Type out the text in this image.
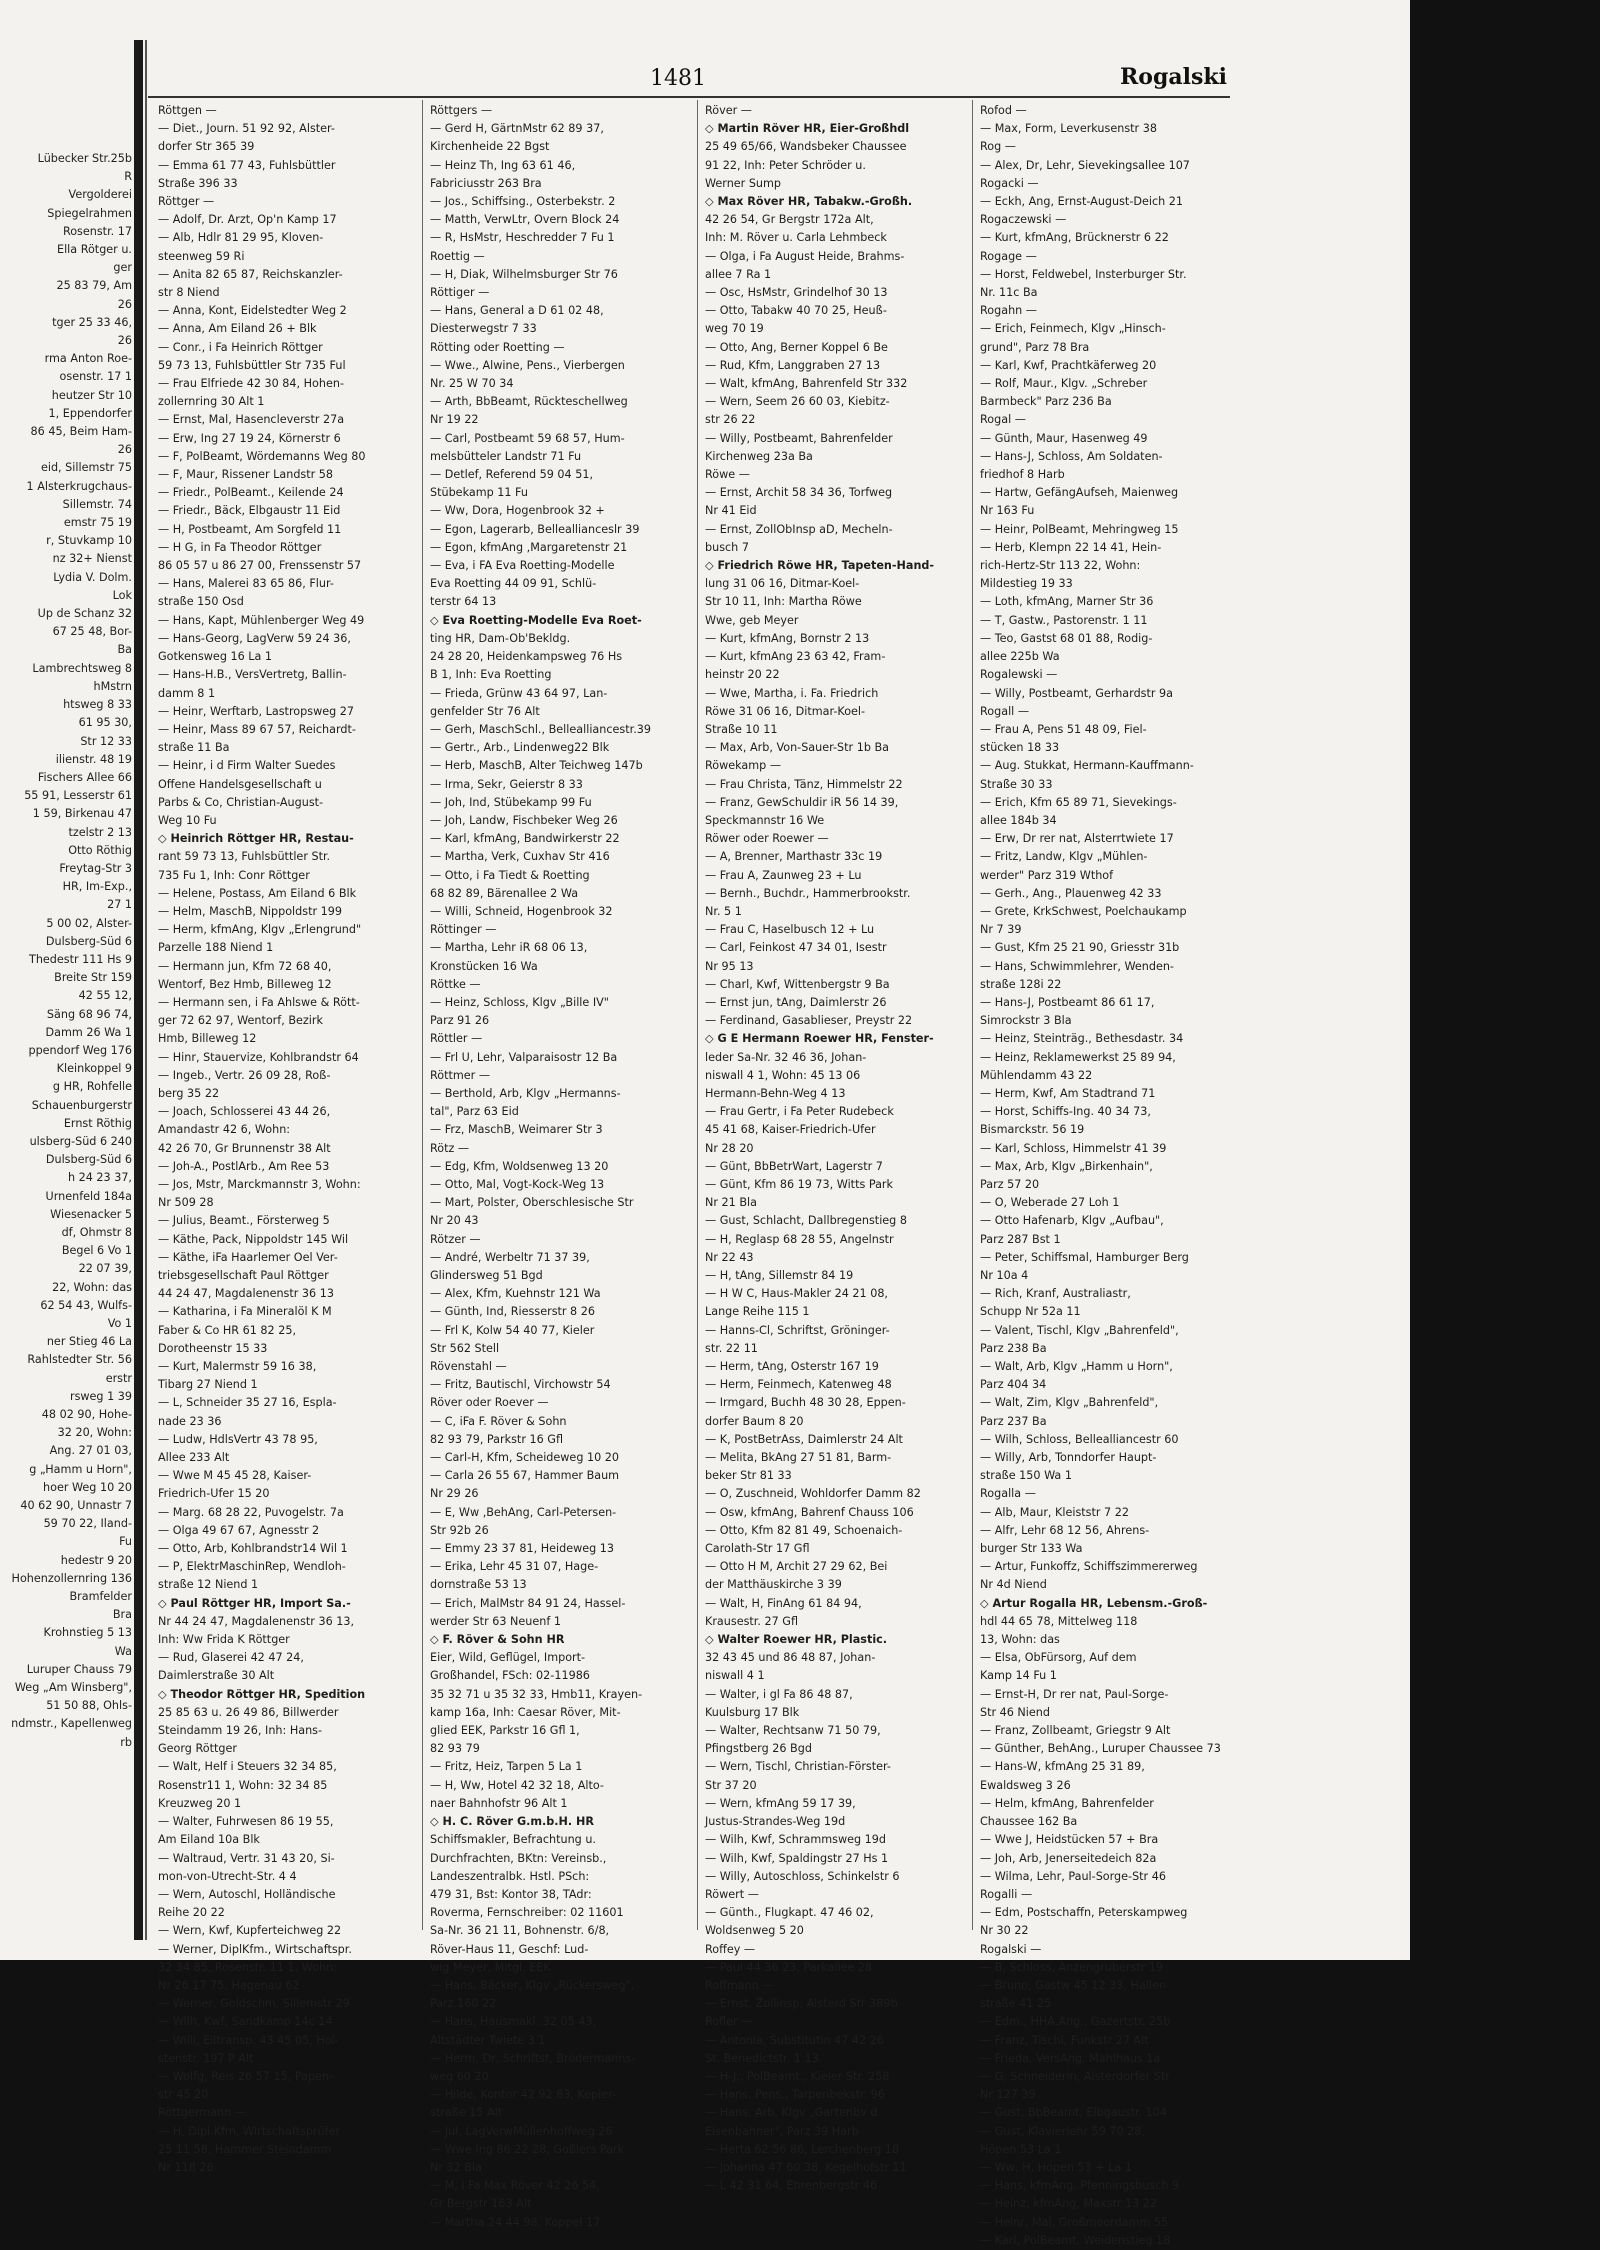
Lübecker Str.25b
R
Vergolderei
Spiegelrahmen
Rosenstr. 17
Ella Rötger u.
ger
25 83 79, Am
26
tger 25 33 46,
26
rma Anton Roe-
osenstr. 17 1
heutzer Str 10
1, Eppendorfer
86 45, Beim Ham-
26
eid, Sillemstr 75
1 Alsterkrugchaus-
Sillemstr. 74
emstr 75 19
r, Stuvkamp 10
nz 32+ Nienst
Lydia V. Dolm.
Lok
Up de Schanz 32
67 25 48, Bor-
Ba
Lambrechtsweg 8
hMstrn
htsweg 8 33
61 95 30,
Str 12 33
ilienstr. 48 19
Fischers Allee 66
55 91, Lesserstr 61
1 59, Birkenau 47
tzelstr 2 13
Otto Röthig
Freytag-Str 3
HR, Im-Exp.,
27 1
5 00 02, Alster-
Dulsberg-Süd 6
Thedestr 111 Hs 9
Breite Str 159
42 55 12,
Säng 68 96 74,
Damm 26 Wa 1
ppendorf Weg 176
Kleinkoppel 9
g HR, Rohfelle
Schauenburgerstr
Ernst Röthig
ulsberg-Süd 6 240
Dulsberg-Süd 6
h 24 23 37,
Urnenfeld 184a
Wiesenacker 5
df, Ohmstr 8
Begel 6 Vo 1
22 07 39,
22, Wohn: das
62 54 43, Wulfs-
Vo 1
ner Stieg 46 La
Rahlstedter Str. 56
erstr
rsweg 1 39
48 02 90, Hohe-
32 20, Wohn:
Ang. 27 01 03,
g „Hamm u Horn",
hoer Weg 10 20
40 62 90, Unnastr 7
59 70 22, Iland-
Fu
hedestr 9 20
Hohenzollernring 136
Bramfelder
Bra
Krohnstieg 5 13
Wa
Luruper Chauss 79
Weg „Am Winsberg",
51 50 88, Ohls-
ndmstr., Kapellenweg
rb
1481	Rogalski
Röttgen —
— Diet., Journ. 51 92 92, Alster-
dorfer Str 365 39
— Emma 61 77 43, Fuhlsbüttler
Straße 396 33
Röttger —
— Adolf, Dr. Arzt, Op'n Kamp 17
— Alb, Hdlr 81 29 95, Kloven-
steenweg 59 Ri
— Anita 82 65 87, Reichskanzler-
str 8 Niend
— Anna, Kont, Eidelstedter Weg 2
— Anna, Am Eiland 26 + Blk
— Conr., i Fa Heinrich Röttger
59 73 13, Fuhlsbüttler Str 735 Ful
— Frau Elfriede 42 30 84, Hohen-
zollernring 30 Alt 1
— Ernst, Mal, Hasencleverstr 27a
— Erw, Ing 27 19 24, Körnerstr 6
— F, PolBeamt, Wördemanns Weg 80
— F, Maur, Rissener Landstr 58
— Friedr., PolBeamt., Keilende 24
— Friedr., Bäck, Elbgaustr 11 Eid
— H, Postbeamt, Am Sorgfeld 11
— H G, in Fa Theodor Röttger
86 05 57 u 86 27 00, Frenssenstr 57
— Hans, Malerei 83 65 86, Flur-
straße 150 Osd
— Hans, Kapt, Mühlenberger Weg 49
— Hans-Georg, LagVerw 59 24 36,
Gotkensweg 16 La 1
— Hans-H.B., VersVertretg, Ballin-
damm 8 1
— Heinr, Werftarb, Lastropsweg 27
— Heinr, Mass 89 67 57, Reichardt-
straße 11 Ba
— Heinr, i d Firm Walter Suedes
Offene Handelsgesellschaft u
Parbs & Co, Christian-August-
Weg 10 Fu
◇ Heinrich Röttger HR, Restau-
rant 59 73 13, Fuhlsbüttler Str.
735 Fu 1, Inh: Conr Röttger
— Helene, Postass, Am Eiland 6 Blk
— Helm, MaschB, Nippoldstr 199
— Herm, kfmAng, Klgv „Erlengrund"
Parzelle 188 Niend 1
— Hermann jun, Kfm 72 68 40,
Wentorf, Bez Hmb, Billeweg 12
— Hermann sen, i Fa Ahlswe & Rött-
ger 72 62 97, Wentorf, Bezirk
Hmb, Billeweg 12
— Hinr, Stauervize, Kohlbrandstr 64
— Ingeb., Vertr. 26 09 28, Roß-
berg 35 22
— Joach, Schlosserei 43 44 26,
Amandastr 42 6, Wohn:
42 26 70, Gr Brunnenstr 38 Alt
— Joh-A., PostlArb., Am Ree 53
— Jos, Mstr, Marckmannstr 3, Wohn:
Nr 509 28
— Julius, Beamt., Försterweg 5
— Käthe, Pack, Nippoldstr 145 Wil
— Käthe, iFa Haarlemer Oel Ver-
triebsgesellschaft Paul Röttger
44 24 47, Magdalenenstr 36 13
— Katharina, i Fa Mineralöl K M
Faber & Co HR 61 82 25,
Dorotheenstr 15 33
— Kurt, Malermstr 59 16 38,
Tibarg 27 Niend 1
— L, Schneider 35 27 16, Espla-
nade 23 36
— Ludw, HdlsVertr 43 78 95,
Allee 233 Alt
— Wwe M 45 45 28, Kaiser-
Friedrich-Ufer 15 20
— Marg. 68 28 22, Puvogelstr. 7a
— Olga 49 67 67, Agnesstr 2
— Otto, Arb, Kohlbrandstr14 Wil 1
— P, ElektrMaschinRep, Wendloh-
straße 12 Niend 1
◇ Paul Röttger HR, Import Sa.-
Nr 44 24 47, Magdalenenstr 36 13,
Inh: Ww Frida K Röttger
— Rud, Glaserei 42 47 24,
Daimlerstraße 30 Alt
◇ Theodor Röttger HR, Spedition
25 85 63 u. 26 49 86, Billwerder
Steindamm 19 26, Inh: Hans-
Georg Röttger
— Walt, Helf i Steuers 32 34 85,
Rosenstr11 1, Wohn: 32 34 85
Kreuzweg 20 1
— Walter, Fuhrwesen 86 19 55,
Am Eiland 10a Blk
— Waltraud, Vertr. 31 43 20, Si-
mon-von-Utrecht-Str. 4 4
— Wern, Autoschl, Holländische
Reihe 20 22
— Wern, Kwf, Kupferteichweg 22
— Werner, DiplKfm., Wirtschaftspr.
32 34 85, Rosenstr. 11 1, Wohn:
Nr 26 17 75, Hagenau 62
— Werner, Goldschm, Sillemstr 29
— Wilh, Kwf, Sandkamp 14c 14
— Willi, Eiltransp. 43 45 05, Hol-
stenstr. 197 P Alt
— Wolfg, Reis 26 57 15, Papen-
str 45 20
Röttgermann —
— H, Dipl.Kfm, Wirtschaftsprüfer
25 11 58, Hammer Steindamm
Nr 118 26
Röttgers —
— Gerd H, GärtnMstr 62 89 37,
Kirchenheide 22 Bgst
— Heinz Th, Ing 63 61 46,
Fabriciusstr 263 Bra
— Jos., Schiffsing., Osterbekstr. 2
— Matth, VerwLtr, Overn Block 24
— R, HsMstr, Heschredder 7 Fu 1
Roettig —
— H, Diak, Wilhelmsburger Str 76
Röttiger —
— Hans, General a D 61 02 48,
Diesterwegstr 7 33
Rötting oder Roetting —
— Wwe., Alwine, Pens., Vierbergen
Nr. 25 W 70 34
— Arth, BbBeamt, Rückteschellweg
Nr 19 22
— Carl, Postbeamt 59 68 57, Hum-
melsbütteler Landstr 71 Fu
— Detlef, Referend 59 04 51,
Stübekamp 11 Fu
— Ww, Dora, Hogenbrook 32 +
— Egon, Lagerarb, Belleallianceslr 39
— Egon, kfmAng ,Margaretenstr 21
— Eva, i FA Eva Roetting-Modelle
Eva Roetting 44 09 91, Schlü-
terstr 64 13
◇ Eva Roetting-Modelle Eva Roet-
ting HR, Dam-Ob'Bekldg.
24 28 20, Heidenkampsweg 76 Hs
B 1, Inh: Eva Roetting
— Frieda, Grünw 43 64 97, Lan-
genfelder Str 76 Alt
— Gerh, MaschSchl., Bellealliancestr.39
— Gertr., Arb., Lindenweg22 Blk
— Herb, MaschB, Alter Teichweg 147b
— Irma, Sekr, Geierstr 8 33
— Joh, Ind, Stübekamp 99 Fu
— Joh, Landw, Fischbeker Weg 26
— Karl, kfmAng, Bandwirkerstr 22
— Martha, Verk, Cuxhav Str 416
— Otto, i Fa Tiedt & Roetting
68 82 89, Bärenallee 2 Wa
— Willi, Schneid, Hogenbrook 32
Röttinger —
— Martha, Lehr iR 68 06 13,
Kronstücken 16 Wa
Röttke —
— Heinz, Schloss, Klgv „Bille IV"
Parz 91 26
Röttler —
— Frl U, Lehr, Valparaisostr 12 Ba
Röttmer —
— Berthold, Arb, Klgv „Hermanns-
tal", Parz 63 Eid
— Frz, MaschB, Weimarer Str 3
Rötz —
— Edg, Kfm, Woldsenweg 13 20
— Otto, Mal, Vogt-Kock-Weg 13
— Mart, Polster, Oberschlesische Str
Nr 20 43
Rötzer —
— André, Werbeltr 71 37 39,
Glindersweg 51 Bgd
— Alex, Kfm, Kuehnstr 121 Wa
— Günth, Ind, Riesserstr 8 26
— Frl K, Kolw 54 40 77, Kieler
Str 562 Stell
Rövenstahl —
— Fritz, Bautischl, Virchowstr 54
Röver oder Roever —
— C, iFa F. Röver & Sohn
82 93 79, Parkstr 16 Gfl
— Carl-H, Kfm, Scheideweg 10 20
— Carla 26 55 67, Hammer Baum
Nr 29 26
— E, Ww ,BehAng, Carl-Petersen-
Str 92b 26
— Emmy 23 37 81, Heideweg 13
— Erika, Lehr 45 31 07, Hage-
dornstraße 53 13
— Erich, MalMstr 84 91 24, Hassel-
werder Str 63 Neuenf 1
◇ F. Röver & Sohn HR
Eier, Wild, Geflügel, Import-
Großhandel, FSch: 02-11986
35 32 71 u 35 32 33, Hmb11, Krayen-
kamp 16a, Inh: Caesar Röver, Mit-
glied EEK, Parkstr 16 Gfl 1,
82 93 79
— Fritz, Heiz, Tarpen 5 La 1
— H, Ww, Hotel 42 32 18, Alto-
naer Bahnhofstr 96 Alt 1
◇ H. C. Röver G.m.b.H. HR
Schiffsmakler, Befrachtung u.
Durchfrachten, BKtn: Vereinsb.,
Landeszentralbk. Hstl. PSch:
479 31, Bst: Kontor 38, TAdr:
Roverma, Fernschreiber: 02 11601
Sa-Nr. 36 21 11, Bohnenstr. 6/8,
Röver-Haus 11, Geschf: Lud-
wig Meyer, Mitgl. EEK
— Hans, Bäcker, Klgv „Rückersweg",
Parz 160 22
— Hans, Hausmakl. 32 05 43,
Altstädter Twiete 3 1
— Herm, Dr, Schriftst, Brödermanns-
weg 60 20
— Hilde, Kontor 42 92 83, Kepler-
straße 15 Alt
— Jul, LagVerwMüllenhoffweg 26
— Wwe Ing 86 22 28, Goßlers Park
Nr 32 Bla
— M, i Fa Max Röver 42 26 54,
Gr Bergstr 163 Alt
— Martha 24 44 98, Koppel 17
Röver —
◇ Martin Röver HR, Eier-Großhdl
25 49 65/66, Wandsbeker Chaussee
91 22, Inh: Peter Schröder u.
Werner Sump
◇ Max Röver HR, Tabakw.-Großh.
42 26 54, Gr Bergstr 172a Alt,
Inh: M. Röver u. Carla Lehmbeck
— Olga, i Fa August Heide, Brahms-
allee 7 Ra 1
— Osc, HsMstr, Grindelhof 30 13
— Otto, Tabakw 40 70 25, Heuß-
weg 70 19
— Otto, Ang, Berner Koppel 6 Be
— Rud, Kfm, Langgraben 27 13
— Walt, kfmAng, Bahrenfeld Str 332
— Wern, Seem 26 60 03, Kiebitz-
str 26 22
— Willy, Postbeamt, Bahrenfelder
Kirchenweg 23a Ba
Röwe —
— Ernst, Archit 58 34 36, Torfweg
Nr 41 Eid
— Ernst, ZollObInsp aD, Mecheln-
busch 7
◇ Friedrich Röwe HR, Tapeten-Hand-
lung 31 06 16, Ditmar-Koel-
Str 10 11, Inh: Martha Röwe
Wwe, geb Meyer
— Kurt, kfmAng, Bornstr 2 13
— Kurt, kfmAng 23 63 42, Fram-
heinstr 20 22
— Wwe, Martha, i. Fa. Friedrich
Röwe 31 06 16, Ditmar-Koel-
Straße 10 11
— Max, Arb, Von-Sauer-Str 1b Ba
Röwekamp —
— Frau Christa, Tänz, Himmelstr 22
— Franz, GewSchuldir iR 56 14 39,
Speckmannstr 16 We
Röwer oder Roewer —
— A, Brenner, Marthastr 33c 19
— Frau A, Zaunweg 23 + Lu
— Bernh., Buchdr., Hammerbrookstr.
Nr. 5 1
— Frau C, Haselbusch 12 + Lu
— Carl, Feinkost 47 34 01, Isestr
Nr 95 13
— Charl, Kwf, Wittenbergstr 9 Ba
— Ernst jun, tAng, Daimlerstr 26
— Ferdinand, Gasablieser, Preystr 22
◇ G E Hermann Roewer HR, Fenster-
leder Sa-Nr. 32 46 36, Johan-
niswall 4 1, Wohn: 45 13 06
Hermann-Behn-Weg 4 13
— Frau Gertr, i Fa Peter Rudebeck
45 41 68, Kaiser-Friedrich-Ufer
Nr 28 20
— Günt, BbBetrWart, Lagerstr 7
— Günt, Kfm 86 19 73, Witts Park
Nr 21 Bla
— Gust, Schlacht, Dallbregenstieg 8
— H, Reglasp 68 28 55, Angelnstr
Nr 22 43
— H, tAng, Sillemstr 84 19
— H W C, Haus-Makler 24 21 08,
Lange Reihe 115 1
— Hanns-Cl, Schriftst, Gröninger-
str. 22 11
— Herm, tAng, Osterstr 167 19
— Herm, Feinmech, Katenweg 48
— Irmgard, Buchh 48 30 28, Eppen-
dorfer Baum 8 20
— K, PostBetrAss, Daimlerstr 24 Alt
— Melita, BkAng 27 51 81, Barm-
beker Str 81 33
— O, Zuschneid, Wohldorfer Damm 82
— Osw, kfmAng, Bahrenf Chauss 106
— Otto, Kfm 82 81 49, Schoenaich-
Carolath-Str 17 Gfl
— Otto H M, Archit 27 29 62, Bei
der Matthäuskirche 3 39
— Walt, H, FinAng 61 84 94,
Krausestr. 27 Gfl
◇ Walter Roewer HR, Plastic.
32 43 45 und 86 48 87, Johan-
niswall 4 1
— Walter, i gl Fa 86 48 87,
Kuulsburg 17 Blk
— Walter, Rechtsanw 71 50 79,
Pfingstberg 26 Bgd
— Wern, Tischl, Christian-Förster-
Str 37 20
— Wern, kfmAng 59 17 39,
Justus-Strandes-Weg 19d
— Wilh, Kwf, Schrammsweg 19d
— Wilh, Kwf, Spaldingstr 27 Hs 1
— Willy, Autoschloss, Schinkelstr 6
Röwert —
— Günth., Flugkapt. 47 46 02,
Woldsenweg 5 20
Roffey —
— Paul 44 36 23, Parkallee 28
Roffmann —
— Ernst, Zollinsp, Alsterd Str 389b
Rofler —
— Antonia, Substitutin 47 42 26
St. Benedictstr. 1 13
— H-J., PolBeamt., Kieler Str. 258
— Hans, Pens., Tarpenbekstr. 96
— Hans, Arb, Klgv „Gartenbv d
Eisenbahner", Parz 39 Harb
— Herta 62 56 86, Lerchenberg 18
— Johanna 47 60 38, Kegelhofstr 11
— L 42 31 64, Ehrenbergstr 46
Rofod —
— Max, Form, Leverkusenstr 38
Rog —
— Alex, Dr, Lehr, Sievekingsallee 107
Rogacki —
— Eckh, Ang, Ernst-August-Deich 21
Rogaczewski —
— Kurt, kfmAng, Brücknerstr 6 22
Rogage —
— Horst, Feldwebel, Insterburger Str.
Nr. 11c Ba
Rogahn —
— Erich, Feinmech, Klgv „Hinsch-
grund", Parz 78 Bra
— Karl, Kwf, Prachtkäferweg 20
— Rolf, Maur., Klgv. „Schreber
Barmbeck" Parz 236 Ba
Rogal —
— Günth, Maur, Hasenweg 49
— Hans-J, Schloss, Am Soldaten-
friedhof 8 Harb
— Hartw, GefängAufseh, Maienweg
Nr 163 Fu
— Heinr, PolBeamt, Mehringweg 15
— Herb, Klempn 22 14 41, Hein-
rich-Hertz-Str 113 22, Wohn:
Mildestieg 19 33
— Loth, kfmAng, Marner Str 36
— T, Gastw., Pastorenstr. 1 11
— Teo, Gastst 68 01 88, Rodig-
allee 225b Wa
Rogalewski —
— Willy, Postbeamt, Gerhardstr 9a
Rogall —
— Frau A, Pens 51 48 09, Fiel-
stücken 18 33
— Aug. Stukkat, Hermann-Kauffmann-
Straße 30 33
— Erich, Kfm 65 89 71, Sievekings-
allee 184b 34
— Erw, Dr rer nat, Alsterrtwiete 17
— Fritz, Landw, Klgv „Mühlen-
werder" Parz 319 Wthof
— Gerh., Ang., Plauenweg 42 33
— Grete, KrkSchwest, Poelchaukamp
Nr 7 39
— Gust, Kfm 25 21 90, Griesstr 31b
— Hans, Schwimmlehrer, Wenden-
straße 128i 22
— Hans-J, Postbeamt 86 61 17,
Simrockstr 3 Bla
— Heinz, Steinträg., Bethesdastr. 34
— Heinz, Reklamewerkst 25 89 94,
Mühlendamm 43 22
— Herm, Kwf, Am Stadtrand 71
— Horst, Schiffs-Ing. 40 34 73,
Bismarckstr. 56 19
— Karl, Schloss, Himmelstr 41 39
— Max, Arb, Klgv „Birkenhain",
Parz 57 20
— O, Weberade 27 Loh 1
— Otto Hafenarb, Klgv „Aufbau",
Parz 287 Bst 1
— Peter, Schiffsmal, Hamburger Berg
Nr 10a 4
— Rich, Kranf, Australiastr,
Schupp Nr 52a 11
— Valent, Tischl, Klgv „Bahrenfeld",
Parz 238 Ba
— Walt, Arb, Klgv „Hamm u Horn",
Parz 404 34
— Walt, Zim, Klgv „Bahrenfeld",
Parz 237 Ba
— Wilh, Schloss, Bellealliancestr 60
— Willy, Arb, Tonndorfer Haupt-
straße 150 Wa 1
Rogalla —
— Alb, Maur, Kleiststr 7 22
— Alfr, Lehr 68 12 56, Ahrens-
burger Str 133 Wa
— Artur, Funkoffz, Schiffszimmererweg
Nr 4d Niend
◇ Artur Rogalla HR, Lebensm.-Groß-
hdl 44 65 78, Mittelweg 118
13, Wohn: das
— Elsa, ObFürsorg, Auf dem
Kamp 14 Fu 1
— Ernst-H, Dr rer nat, Paul-Sorge-
Str 46 Niend
— Franz, Zollbeamt, Griegstr 9 Alt
— Günther, BehAng., Luruper Chaussee 73
— Hans-W, kfmAng 25 31 89,
Ewaldsweg 3 26
— Helm, kfmAng, Bahrenfelder
Chaussee 162 Ba
— Wwe J, Heidstücken 57 + Bra
— Joh, Arb, Jenerseitedeich 82a
— Wilma, Lehr, Paul-Sorge-Str 46
Rogalli —
— Edm, Postschaffn, Peterskampweg
Nr 30 22
Rogalski —
— B, Schloss, Anzengruberstr 19
— Bruno, Gastw 45 12 33, Haller-
straße 41 25
— Edm., HHA.Ang., Gazertstr. 25b
— Franz, Tischl, Funkstr 27 Alt
— Frieda, VersAng, Mahlhaus 1a
— G, Schneiderin, Alsterdorfer Str
Nr 127 39
— Gust, BbBeamt, Elbgaustr. 104
— Gust, Klavierlehr 59 70 28,
Höpen 53 La 1
— Ww, H, Höpen 53 + La 1
— Hans, kfmAng, Pfenningsbusch 9
— Heinz, kfmAng, Maxstr 13 22
— Heinr, Mal, Großmoordamm 55
— Karl, PolBeamt, Weidenstieg 18
